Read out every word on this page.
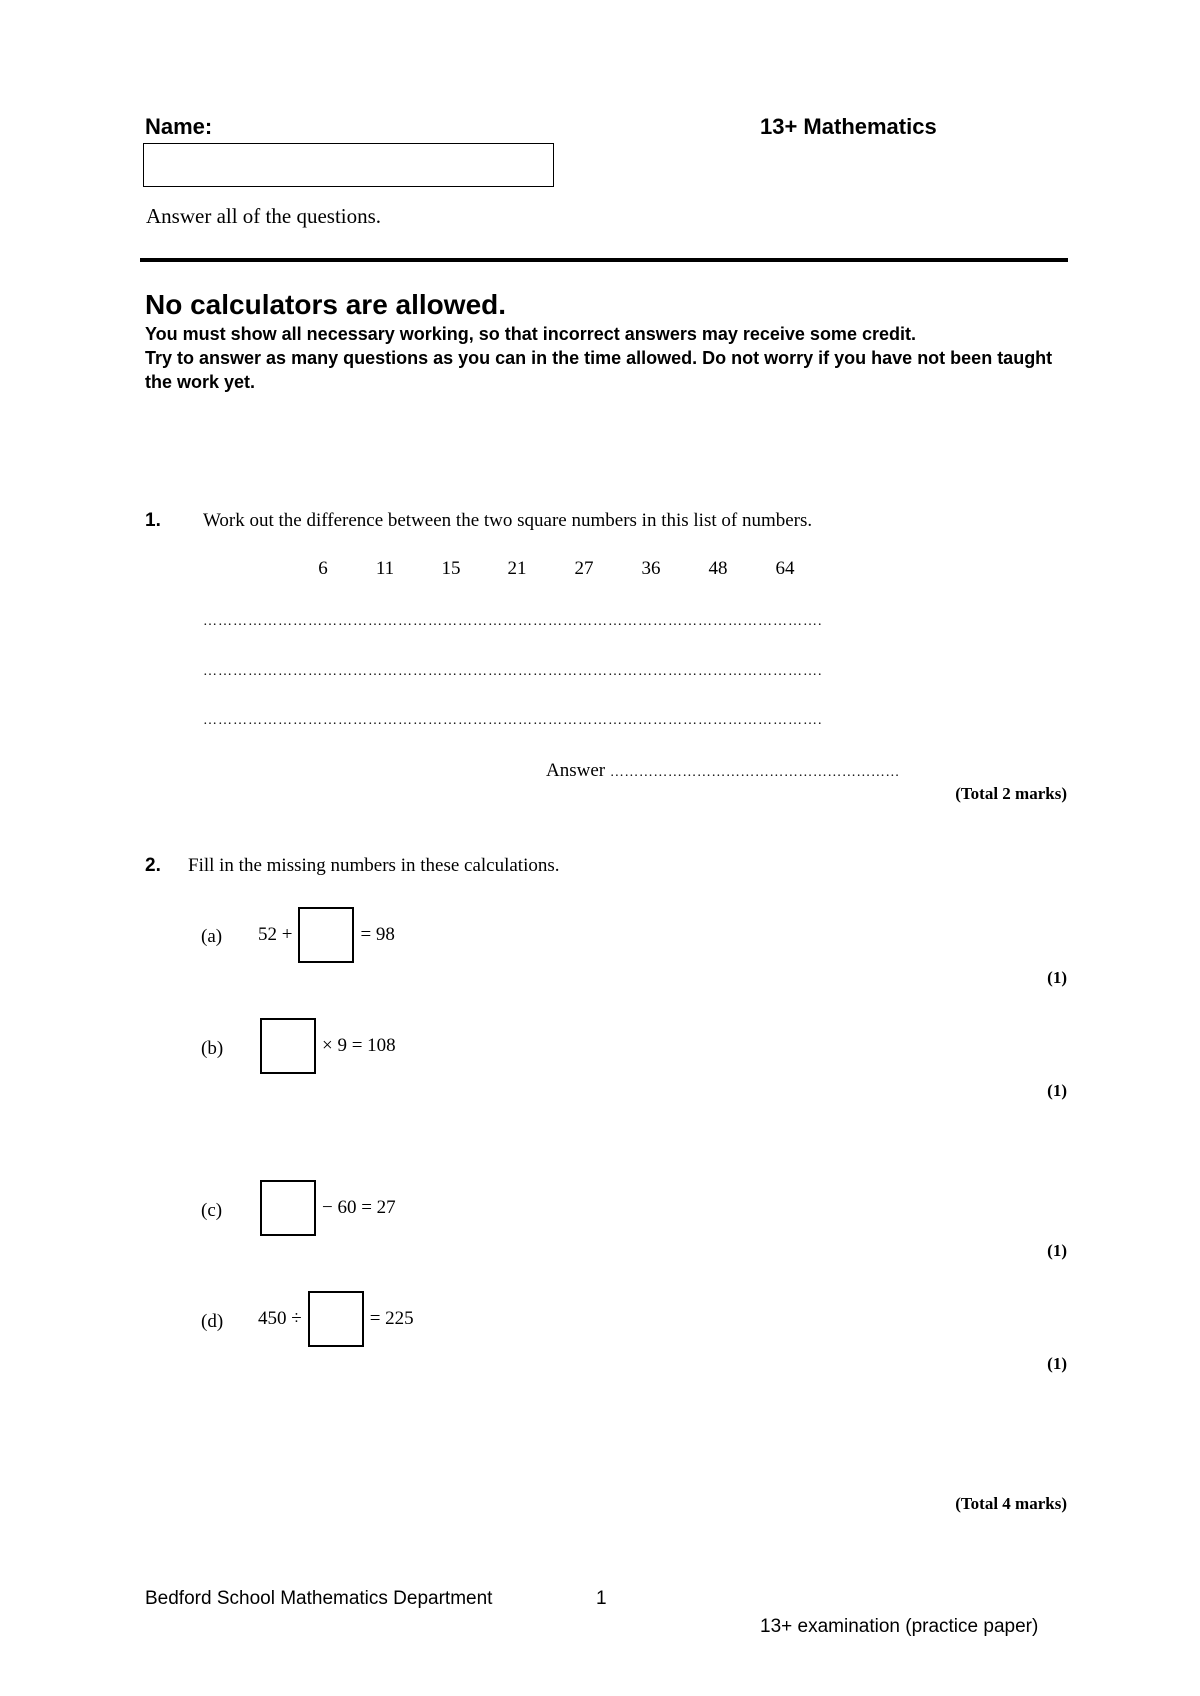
Name:	13+ Mathematics
Answer all of the questions.
No calculators are allowed.
You must show all necessary working, so that incorrect answers may receive some credit.
Try to answer as many questions as you can in the time allowed. Do not worry if you have not been taught the work yet.
1. Work out the difference between the two square numbers in this list of numbers.
6	11	15 21	27	36	48	64
…………………………………………………………………………………………………………….
…………………………………………………………………………………………………………….
…………………………………………………………………………………………………………….
Answer ……………………………………………………
(Total 2 marks)
2. Fill in the missing numbers in these calculations.
(a) 52 +	= 98
(1)
(b)	× 9 = 108
(1)
(c)	− 60 = 27
(1)
(d) 450 ÷	= 225
(1)
(Total 4 marks)
Bedford School Mathematics Department	1
13+ examination (practice paper)
